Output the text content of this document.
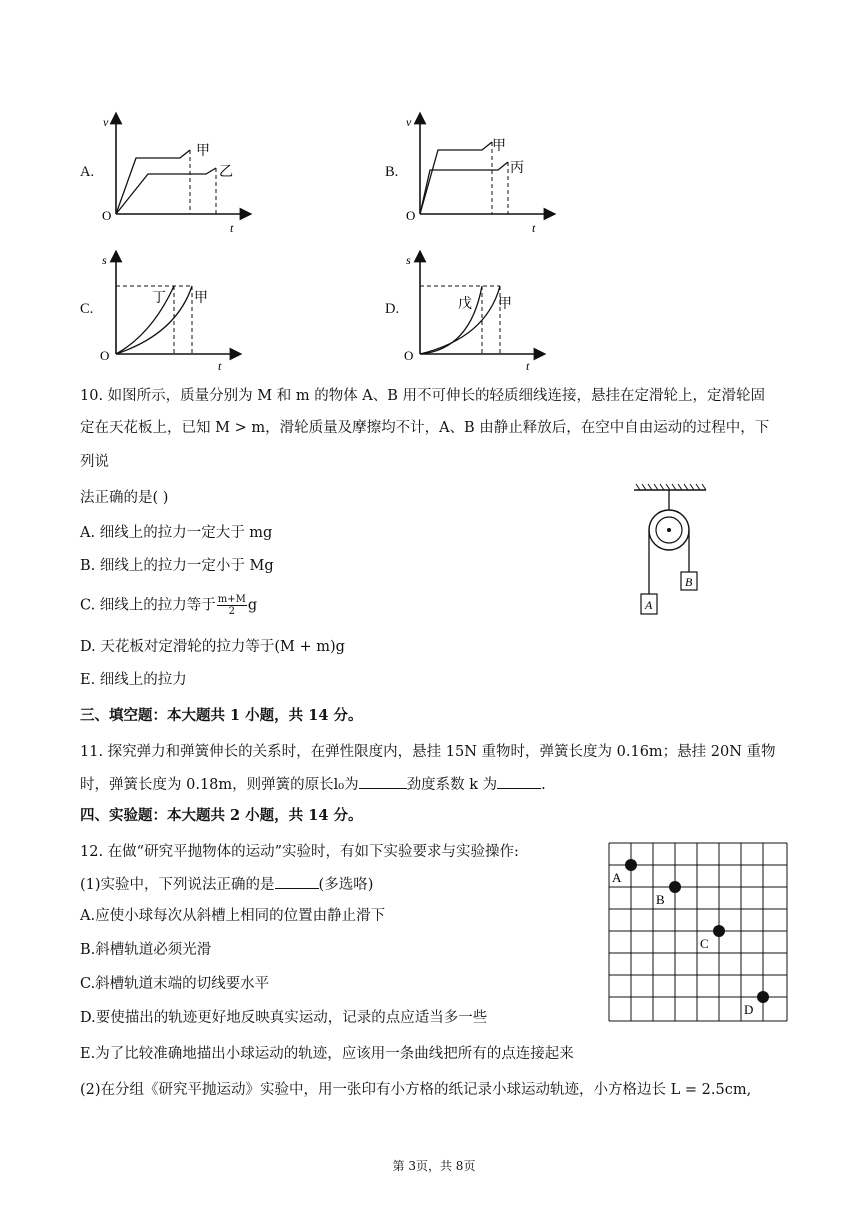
A.
v
t
O
甲
乙	B.
v
t
O
甲
丙
C.
s
t
O
丁 甲
D.
s
t
O
戊 甲
10. 如图所示，质量分别为 M 和 m 的物体 A、B 用不可伸长的轻质细线连接，悬挂在定滑轮上，定滑轮固
定在天花板上，已知 M > m，滑轮质量及摩擦均不计，A、B 由静止释放后，在空中自由运动的过程中，下
列说
法正确的是( )
A. 细线上的拉力一定大于 mg
B. 细线上的拉力一定小于 Mg
C. 细线上的拉力等于 $\frac{m+M}{2}$ g
D. 天花板对定滑轮的拉力等于(M + m)g
E. 细线上的拉力
A
B
三、填空题：本大题共 1 小题，共 14 分。
11. 探究弹力和弹簧伸长的关系时，在弹性限度内，悬挂 15N 重物时，弹簧长度为 0.16m；悬挂 20N 重物
时，弹簧长度为 0.18m，则弹簧的原长l₀为	劲度系数 k 为	.
四、实验题：本大题共 2 小题，共 14 分。
12. 在做“研究平抛物体的运动”实验时，有如下实验要求与实验操作:
(1)实验中，下列说法正确的是	(多选咯)
A.应使小球每次从斜槽上相同的位置由静止滑下
B.斜槽轨道必须光滑
C.斜槽轨道末端的切线要水平
D.要使描出的轨迹更好地反映真实运动，记录的点应适当多一些
E.为了比较准确地描出小球运动的轨迹，应该用一条曲线把所有的点连接起来
(2)在分组《研究平抛运动》实验中，用一张印有小方格的纸记录小球运动轨迹，小方格边长 L = 2.5cm,
A
B
C
D
第 3页，共 8页
